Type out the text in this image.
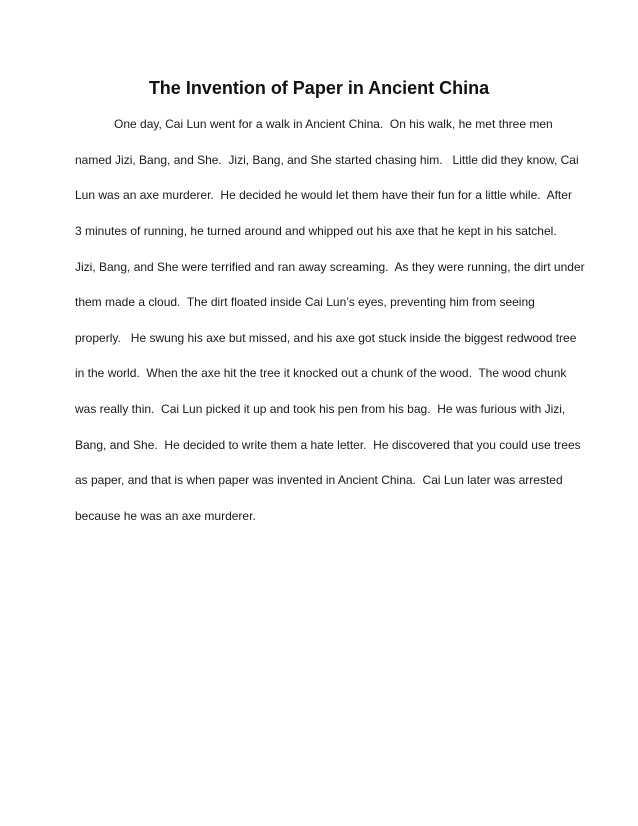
The Invention of Paper in Ancient China
One day, Cai Lun went for a walk in Ancient China.  On his walk, he met three men
named Jizi, Bang, and She.  Jizi, Bang, and She started chasing him.   Little did they know, Cai
Lun was an axe murderer.  He decided he would let them have their fun for a little while.  After
3 minutes of running, he turned around and whipped out his axe that he kept in his satchel.
Jizi, Bang, and She were terrified and ran away screaming.  As they were running, the dirt under
them made a cloud.  The dirt floated inside Cai Lun’s eyes, preventing him from seeing
properly.   He swung his axe but missed, and his axe got stuck inside the biggest redwood tree
in the world.  When the axe hit the tree it knocked out a chunk of the wood.  The wood chunk
was really thin.  Cai Lun picked it up and took his pen from his bag.  He was furious with Jizi,
Bang, and She.  He decided to write them a hate letter.  He discovered that you could use trees
as paper, and that is when paper was invented in Ancient China.  Cai Lun later was arrested
because he was an axe murderer.
